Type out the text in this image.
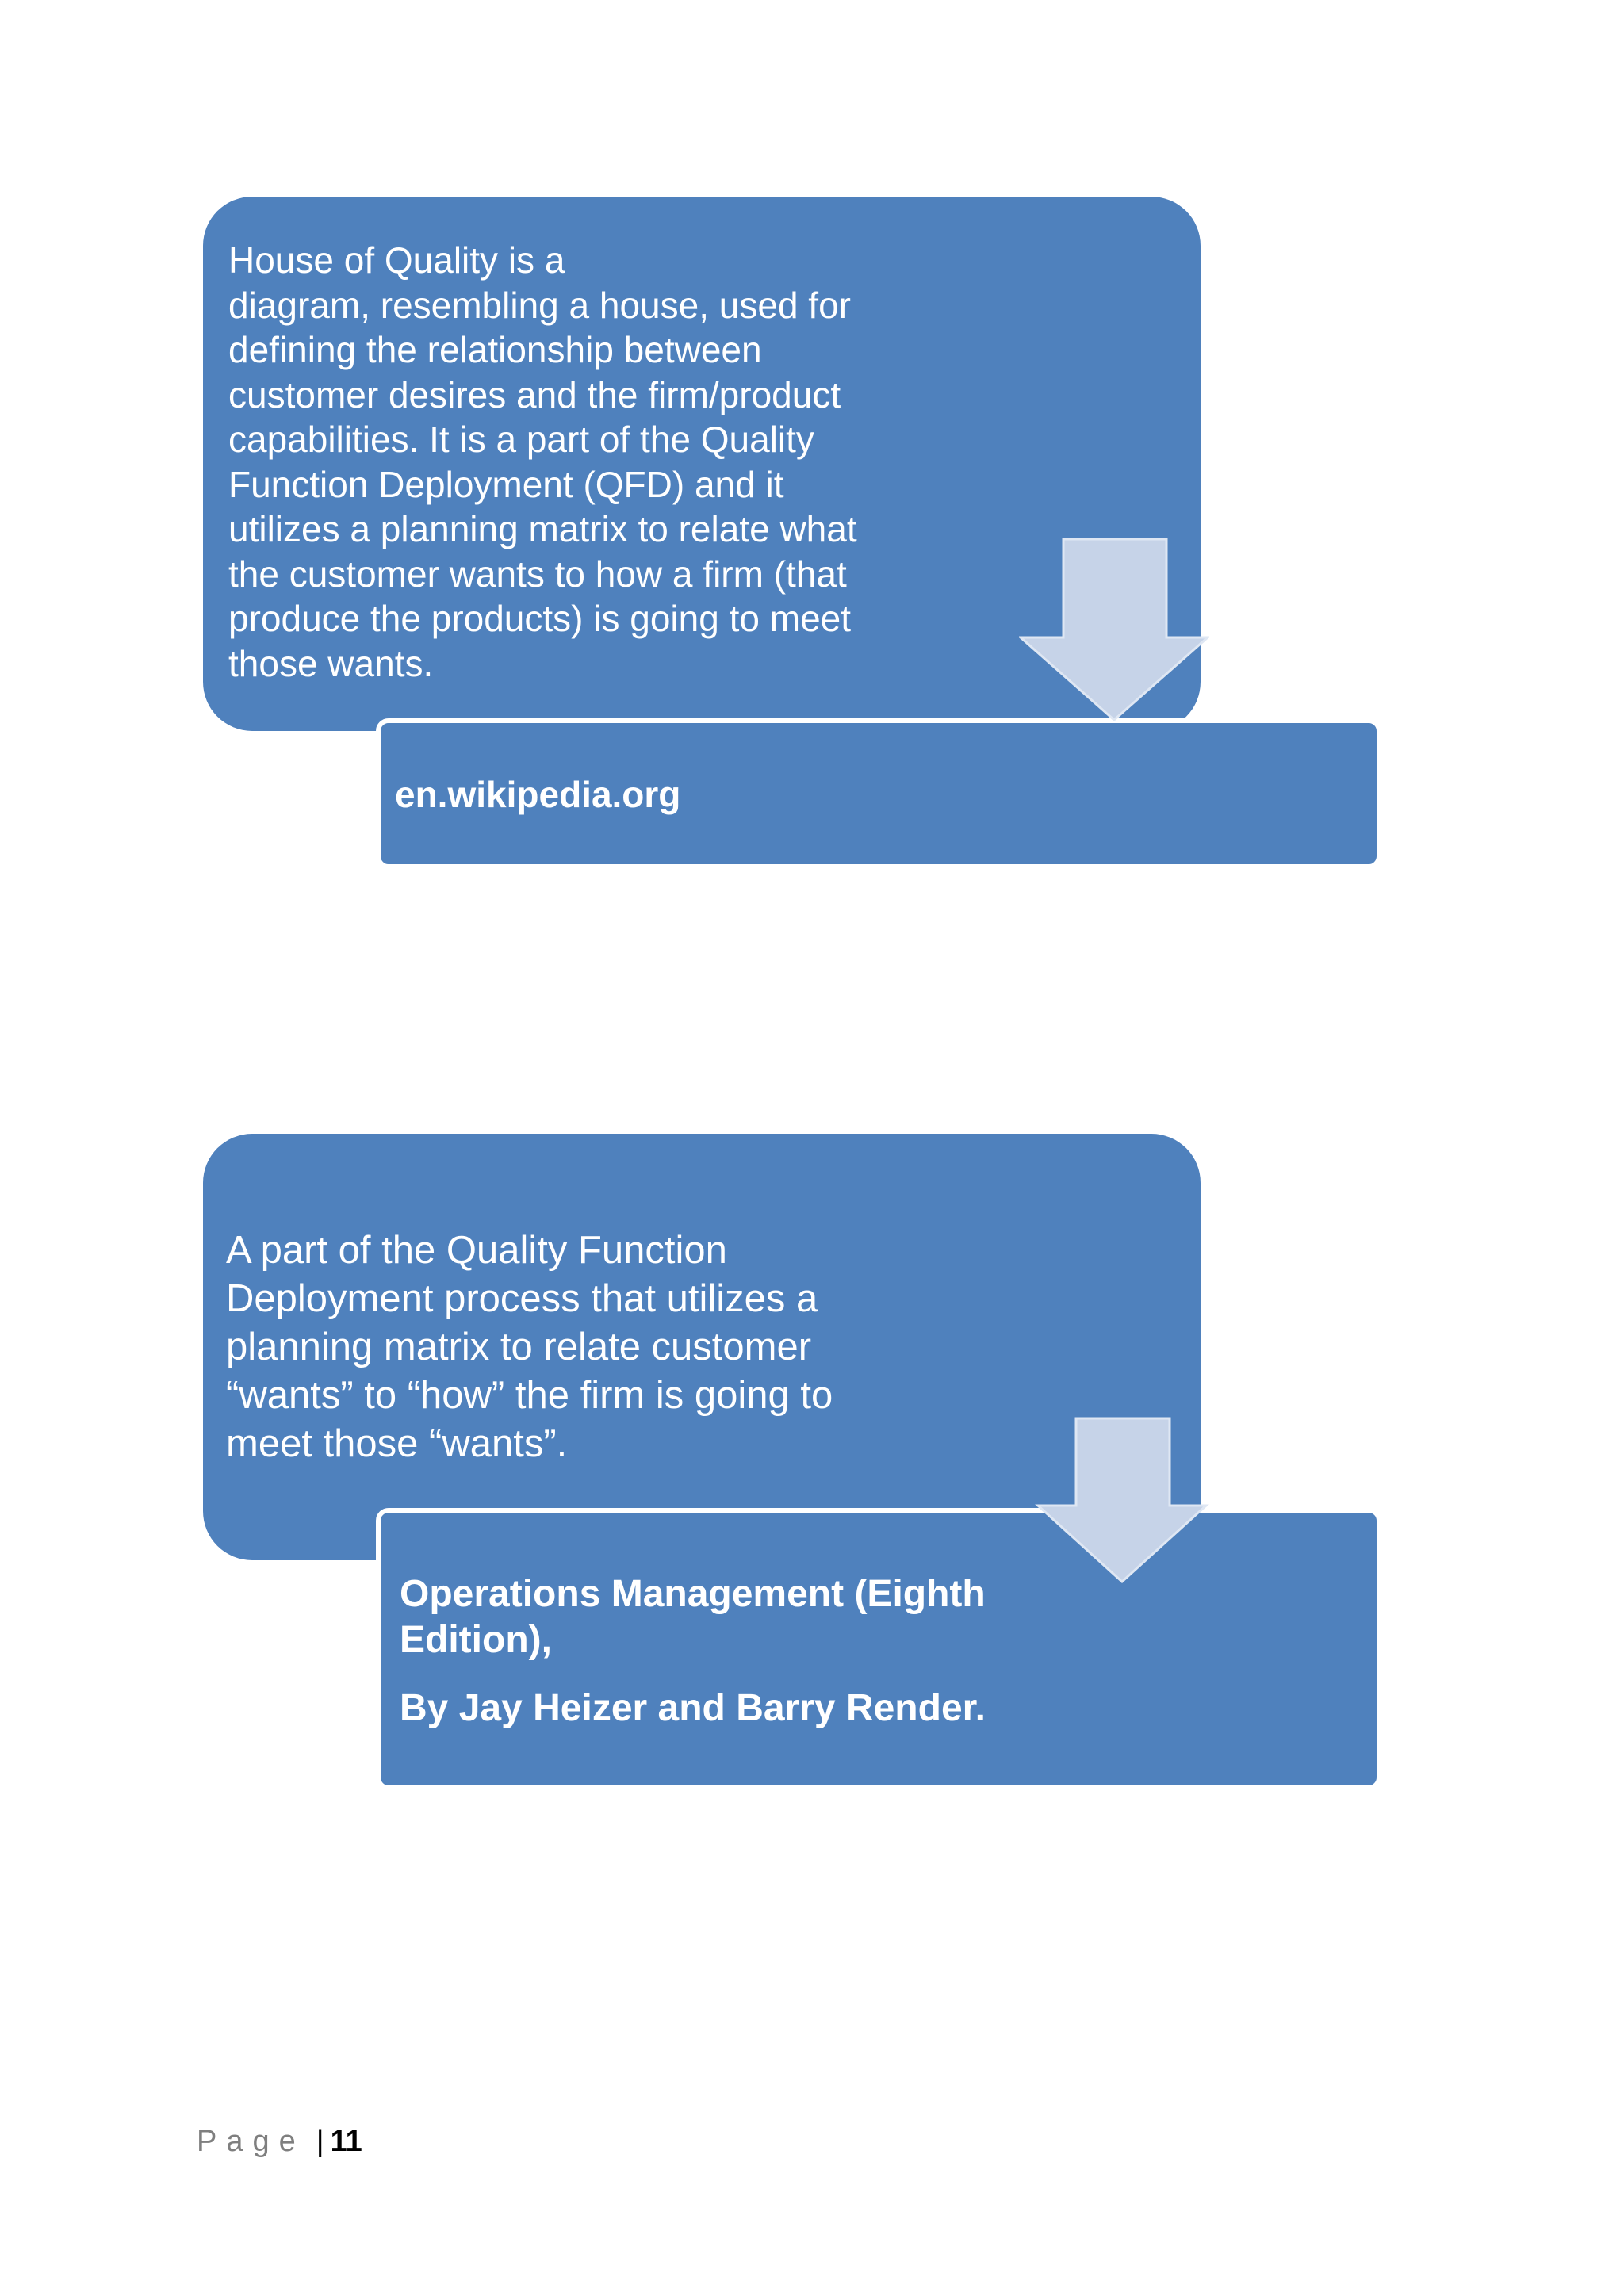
House of Quality is a
diagram, resembling a house, used for
defining the relationship between
customer desires and the firm/product
capabilities. It is a part of the Quality
Function Deployment (QFD) and it
utilizes a planning matrix to relate what
the customer wants to how a firm (that
produce the products) is going to meet
those wants.

en.wikipedia.org

A part of the Quality Function
Deployment process that utilizes a
planning matrix to relate customer
“wants” to “how” the firm is going to
meet those “wants”.

Operations Management (Eighth

Edition),

By Jay Heizer and Barry Render.

Page | 11
